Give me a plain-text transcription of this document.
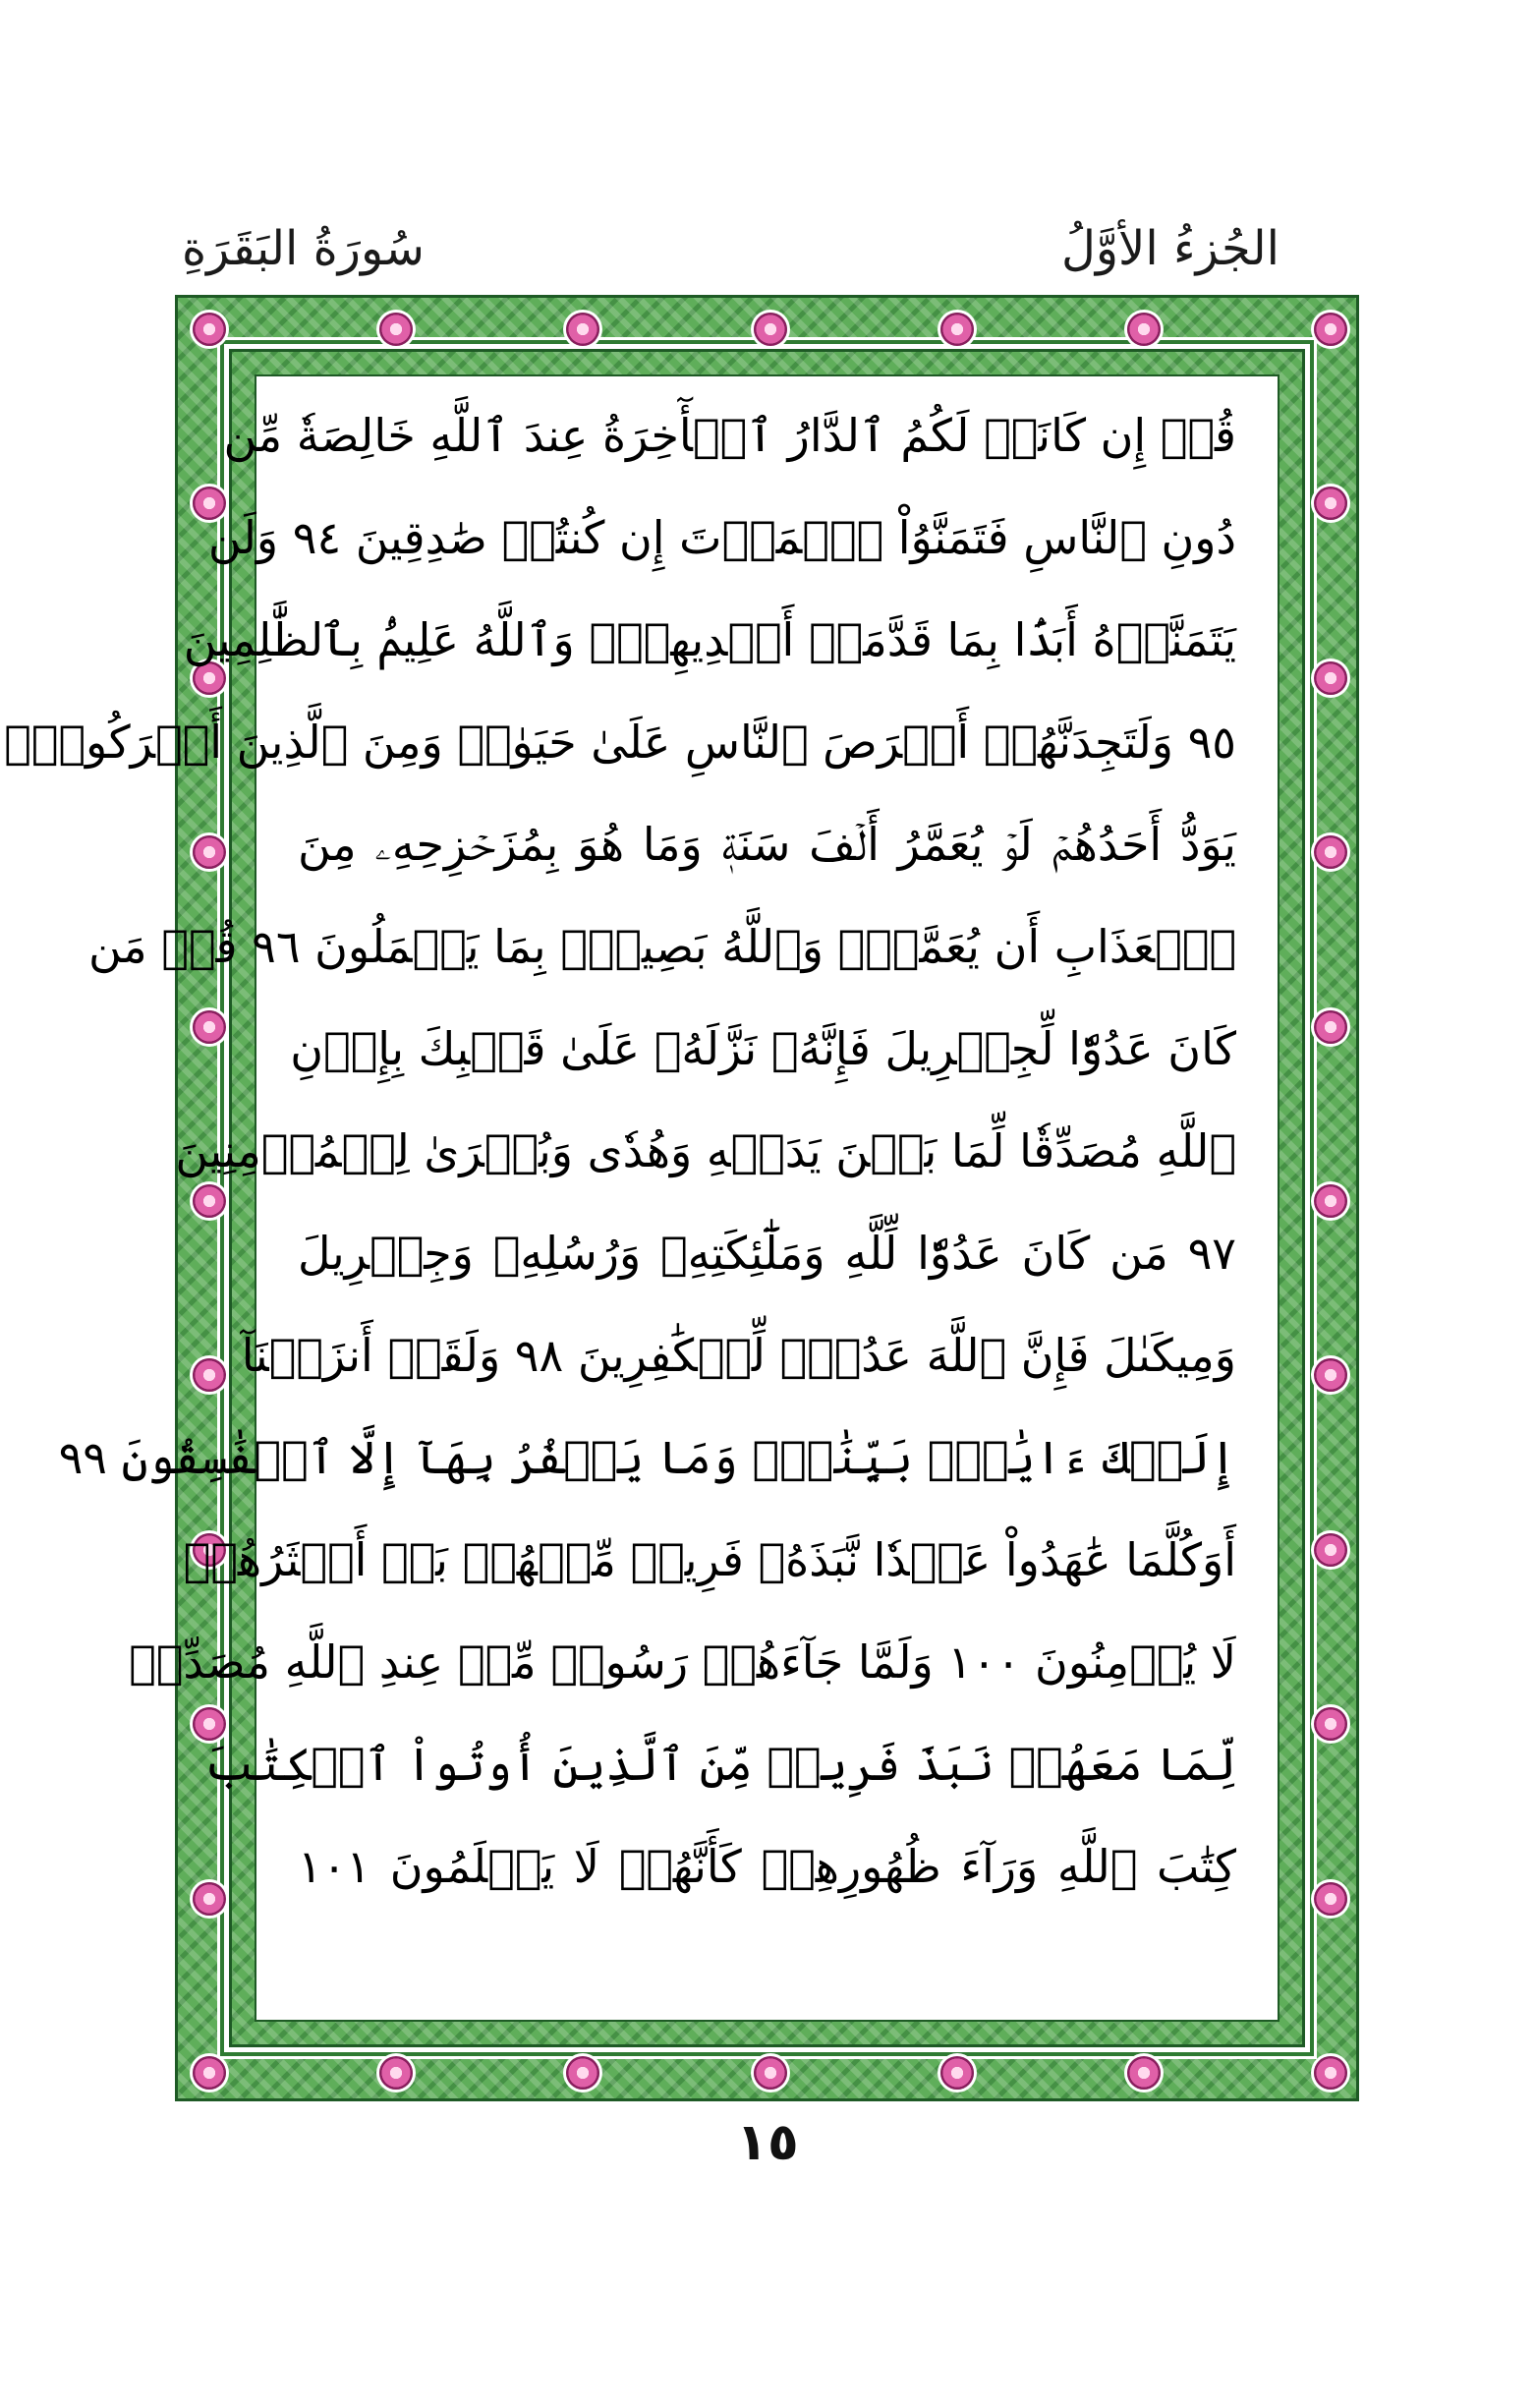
الجُزءُ الأوَّلُ
سُورَةُ البَقَرَةِ
قُلۡ إِن كَانَتۡ لَكُمُ ٱلدَّارُ ٱلۡأٓخِرَةُ عِندَ ٱللَّهِ خَالِصَةٗ مِّن
دُونِ ٱلنَّاسِ فَتَمَنَّوُاْ ٱلۡمَوۡتَ إِن كُنتُمۡ صَٰدِقِينَ ٩٤ وَلَن
يَتَمَنَّوۡهُ أَبَدَۢا بِمَا قَدَّمَتۡ أَيۡدِيهِمۡۚ وَٱللَّهُ عَلِيمُۢ بِٱلظَّٰلِمِينَ
٩٥ وَلَتَجِدَنَّهُمۡ أَحۡرَصَ ٱلنَّاسِ عَلَىٰ حَيَوٰةٖ وَمِنَ ٱلَّذِينَ أَشۡرَكُواْۚ
يَوَدُّ أَحَدُهُمۡ لَوۡ يُعَمَّرُ أَلۡفَ سَنَةٖ وَمَا هُوَ بِمُزَحۡزِحِهِۦ مِنَ
ٱلۡعَذَابِ أَن يُعَمَّرَۗ وَٱللَّهُ بَصِيرُۢ بِمَا يَعۡمَلُونَ ٩٦ قُلۡ مَن
كَانَ عَدُوّٗا لِّجِبۡرِيلَ فَإِنَّهُۥ نَزَّلَهُۥ عَلَىٰ قَلۡبِكَ بِإِذۡنِ
ٱللَّهِ مُصَدِّقٗا لِّمَا بَيۡنَ يَدَيۡهِ وَهُدٗى وَبُشۡرَىٰ لِلۡمُؤۡمِنِينَ
٩٧ مَن كَانَ عَدُوّٗا لِّلَّهِ وَمَلَٰٓئِكَتِهِۦ وَرُسُلِهِۦ وَجِبۡرِيلَ
وَمِيكَىٰلَ فَإِنَّ ٱللَّهَ عَدُوّٞ لِّلۡكَٰفِرِينَ ٩٨ وَلَقَدۡ أَنزَلۡنَآ
إِلَيۡكَ ءَايَٰتِۭ بَيِّنَٰتٖۖ وَمَا يَكۡفُرُ بِهَآ إِلَّا ٱلۡفَٰسِقُونَ ٩٩
أَوَكُلَّمَا عَٰهَدُواْ عَهۡدٗا نَّبَذَهُۥ فَرِيقٞ مِّنۡهُمۚ بَلۡ أَكۡثَرُهُمۡ
لَا يُؤۡمِنُونَ ١٠٠ وَلَمَّا جَآءَهُمۡ رَسُولٞ مِّنۡ عِندِ ٱللَّهِ مُصَدِّقٞ
لِّمَا مَعَهُمۡ نَبَذَ فَرِيقٞ مِّنَ ٱلَّذِينَ أُوتُواْ ٱلۡكِتَٰبَ
كِتَٰبَ ٱللَّهِ وَرَآءَ ظُهُورِهِمۡ كَأَنَّهُمۡ لَا يَعۡلَمُونَ ١٠١
١٥
